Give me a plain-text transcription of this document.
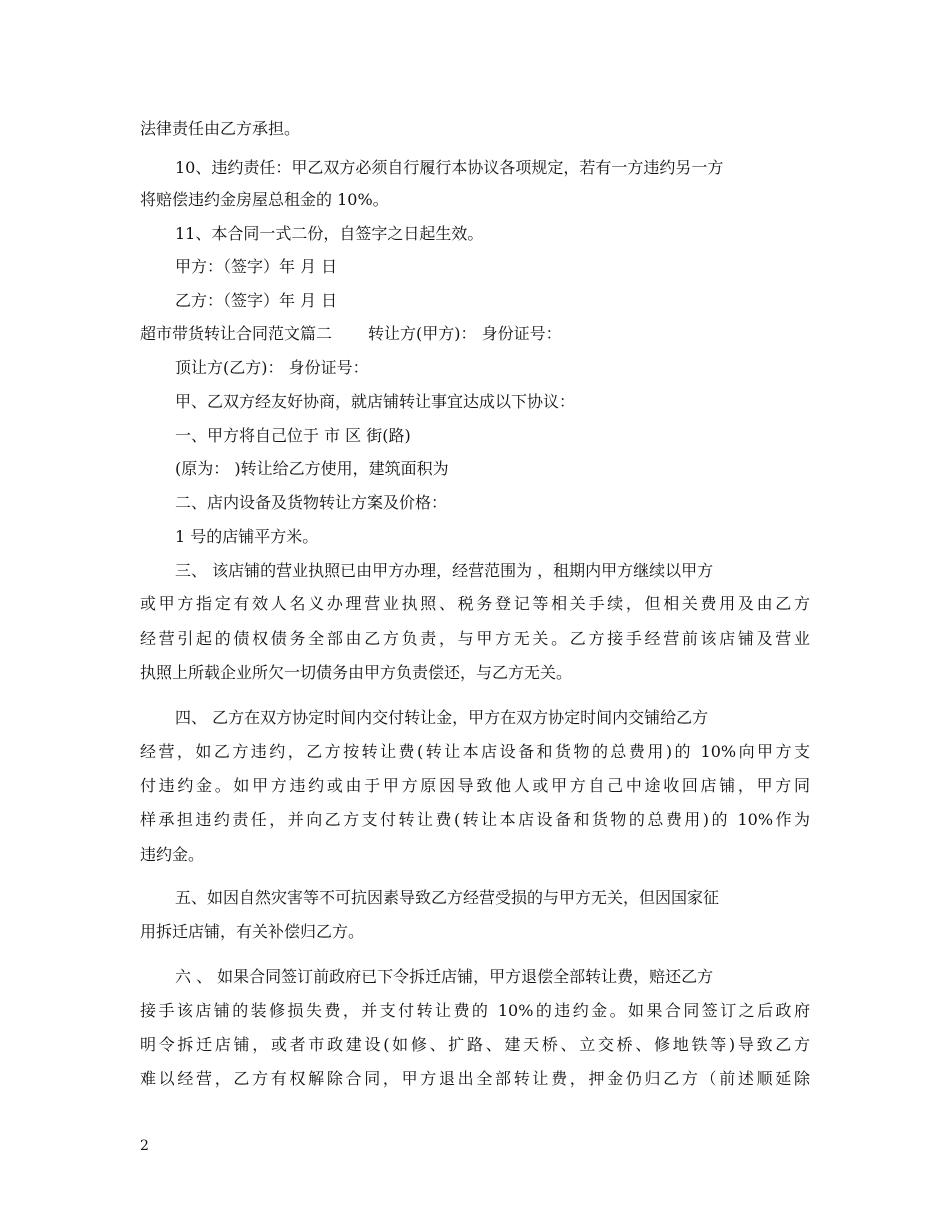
法律责任由乙方承担。
10、违约责任：甲乙双方必须自行履行本协议各项规定，若有一方违约另一方
将赔偿违约金房屋总租金的 10%。
11、本合同一式二份，自签字之日起生效。
甲方：（签字）年 月 日
乙方：（签字）年 月 日
超市带货转让合同范文篇二 转让方(甲方)： 身份证号：
顶让方(乙方)： 身份证号：
甲、乙双方经友好协商，就店铺转让事宜达成以下协议：
一、甲方将自己位于 市 区 街(路)
(原为： )转让给乙方使用，建筑面积为
二、店内设备及货物转让方案及价格：
1 号的店铺平方米。
三、 该店铺的营业执照已由甲方办理，经营范围为 ，租期内甲方继续以甲方
或甲方指定有效人名义办理营业执照、税务登记等相关手续，但相关费用及由乙方
经营引起的债权债务全部由乙方负责，与甲方无关。乙方接手经营前该店铺及营业
执照上所载企业所欠一切债务由甲方负责偿还，与乙方无关。
四、 乙方在双方协定时间内交付转让金，甲方在双方协定时间内交铺给乙方
经营，如乙方违约，乙方按转让费(转让本店设备和货物的总费用)的 10%向甲方支
付违约金。如甲方违约或由于甲方原因导致他人或甲方自己中途收回店铺，甲方同
样承担违约责任，并向乙方支付转让费(转让本店设备和货物的总费用)的 10%作为
违约金。
五、如因自然灾害等不可抗因素导致乙方经营受损的与甲方无关，但因国家征
用拆迁店铺，有关补偿归乙方。
六 、 如果合同签订前政府已下令拆迁店铺，甲方退偿全部转让费，赔还乙方
接手该店铺的装修损失费，并支付转让费的 10%的违约金。如果合同签订之后政府
明令拆迁店铺，或者市政建设(如修、扩路、建天桥、立交桥、修地铁等)导致乙方
难以经营，乙方有权解除合同，甲方退出全部转让费，押金仍归乙方（前述顺延除
2
